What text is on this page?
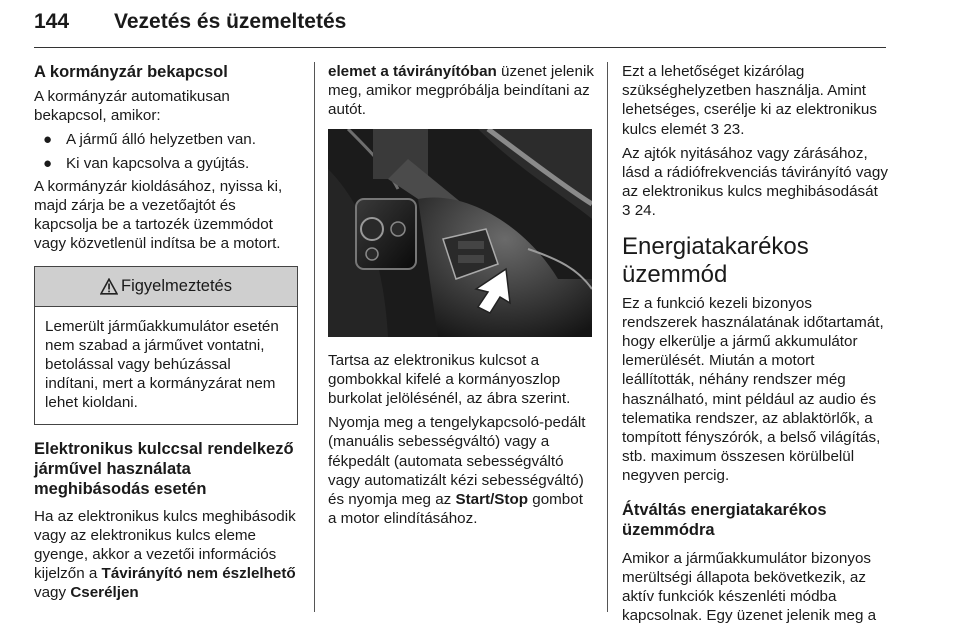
144 Vezetés és üzemeltetés
A kormányzár bekapcsol

A kormányzár automatikusan bekapcsol, amikor:

● A jármű álló helyzetben van.
● Ki van kapcsolva a gyújtás.

A kormányzár kioldásához, nyissa ki, majd zárja be a vezetőajtót és kapcsolja be a tartozék üzemmódot vagy közvetlenül indítsa be a motort.

Figyelmeztetés
Lemerült járműakkumulátor esetén nem szabad a járművet vontatni, betolással vagy behúzással indítani, mert a kormányzárat nem lehet kioldani.
Elektronikus kulccsal rendelkező járművel használata meghibásodás esetén

Ha az elektronikus kulcs meghibásodik vagy az elektronikus kulcs eleme gyenge, akkor a vezetői információs kijelzőn a Távirányító nem észlelhető vagy Cseréljen

elemet a távirányítóban üzenet jelenik meg, amikor megpróbálja beindítani az autót.

Tartsa az elektronikus kulcsot a gombokkal kifelé a kormányoszlop burkolat jelölésénél, az ábra szerint.

Nyomja meg a tengelykapcsoló-pedált (manuális sebességváltó) vagy a fékpedált (automata sebességváltó vagy automatizált kézi sebességváltó) és nyomja meg az Start/Stop gombot a motor elindításához.

Ezt a lehetőséget kizárólag szükséghelyzetben használja. Amint lehetséges, cserélje ki az elektronikus kulcs elemét 3 23.

Az ajtók nyitásához vagy zárásához, lásd a rádiófrekvenciás távirányító vagy az elektronikus kulcs meghibásodását 3 24.

Energiatakarékos üzemmód

Ez a funkció kezeli bizonyos rendszerek használatának időtartamát, hogy elkerülje a jármű akkumulátor lemerülését. Miután a motort leállították, néhány rendszer még használható, mint például az audio és telematika rendszer, az ablaktörlők, a tompított fényszórók, a belső világítás, stb. maximum összesen körülbelül negyven percig.

Átváltás energiatakarékos üzemmódra

Amikor a járműakkumulátor bizonyos merültségi állapota bekövetkezik, az aktív funkciók készenléti módba kapcsolnak. Egy üzenet jelenik meg a
